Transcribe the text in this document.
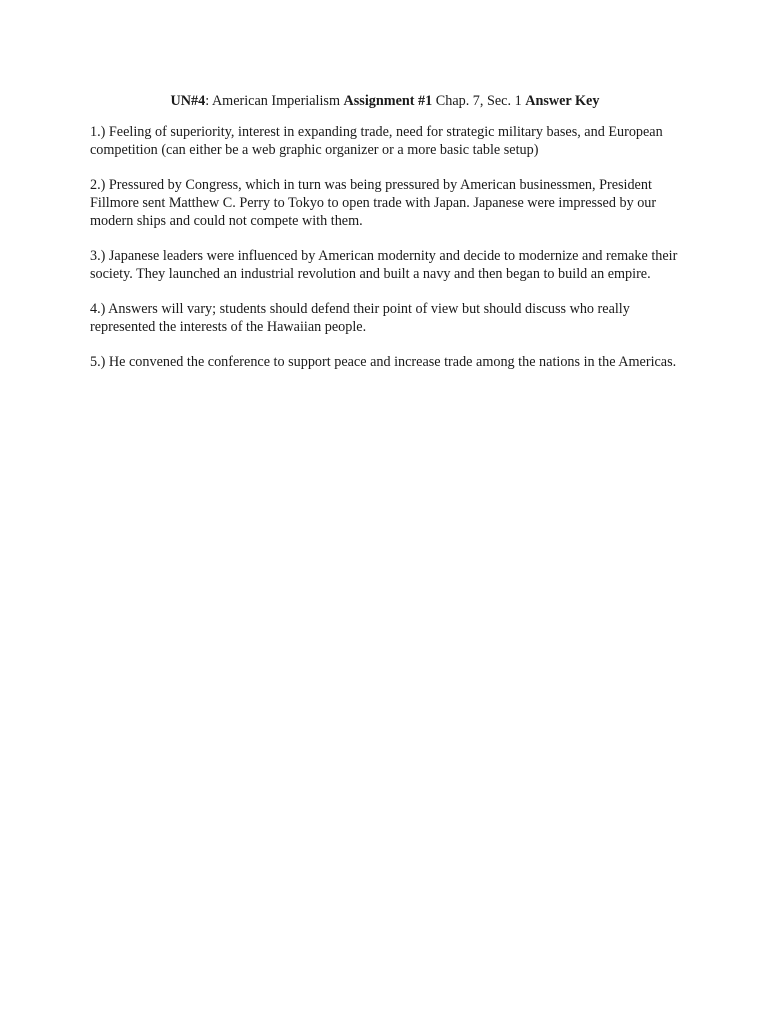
UN#4: American Imperialism Assignment #1 Chap. 7, Sec. 1 Answer Key

1.) Feeling of superiority, interest in expanding trade, need for strategic military bases, and European competition (can either be a web graphic organizer or a more basic table setup)

2.) Pressured by Congress, which in turn was being pressured by American businessmen, President Fillmore sent Matthew C. Perry to Tokyo to open trade with Japan. Japanese were impressed by our modern ships and could not compete with them.

3.) Japanese leaders were influenced by American modernity and decide to modernize and remake their society. They launched an industrial revolution and built a navy and then began to build an empire.

4.) Answers will vary; students should defend their point of view but should discuss who really represented the interests of the Hawaiian people.

5.) He convened the conference to support peace and increase trade among the nations in the Americas.
